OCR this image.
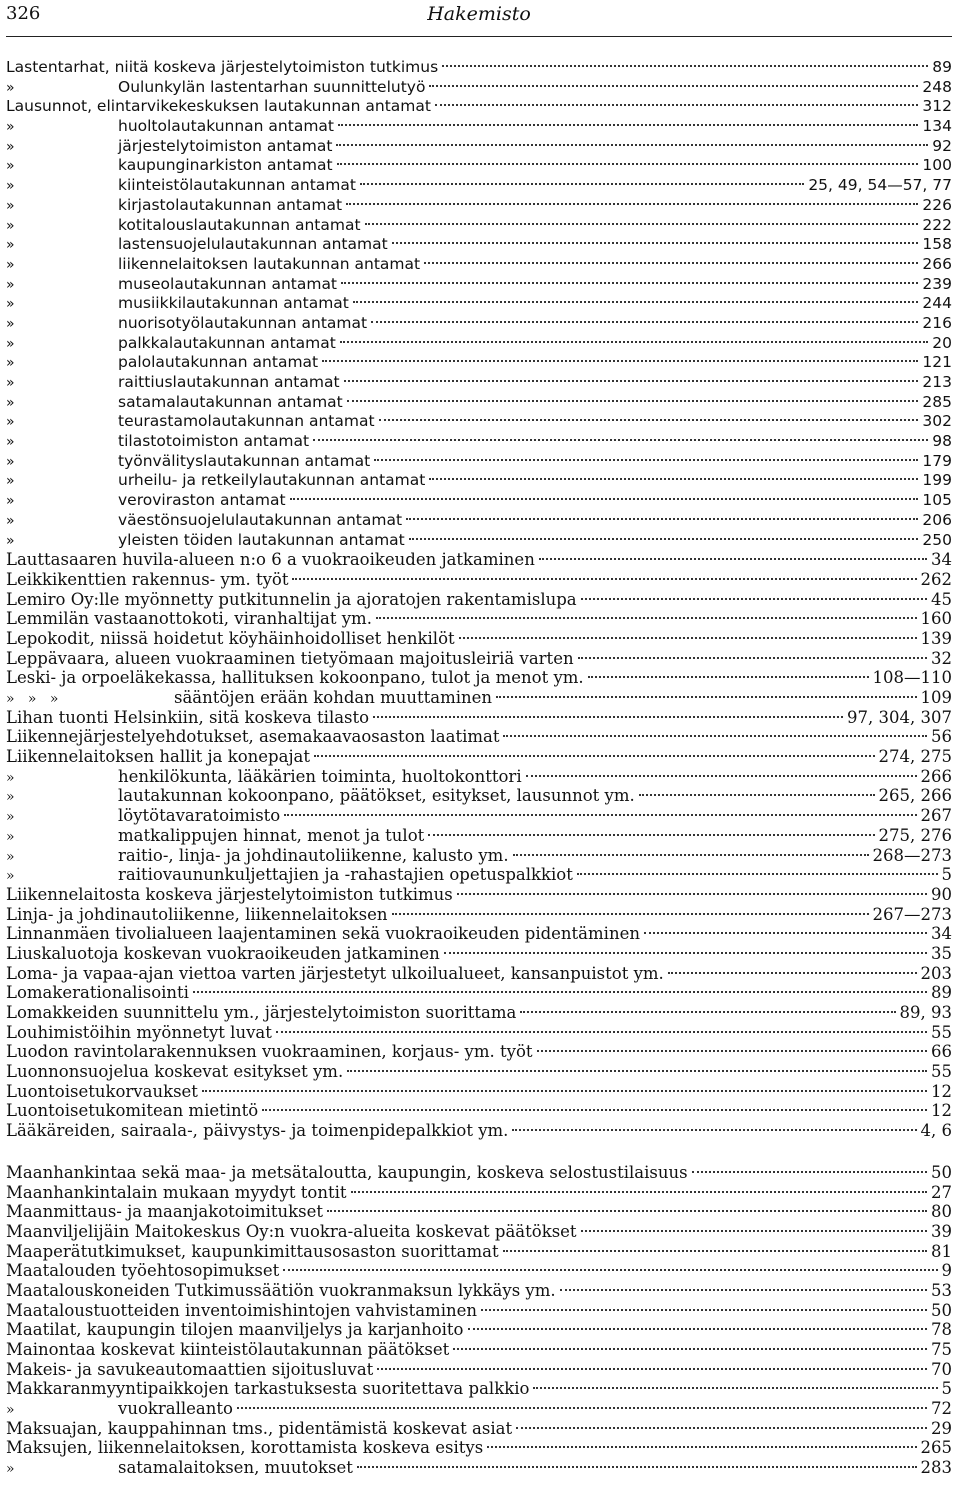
326	Hakemisto
Lastentarhat, niitä koskeva järjestelytoimiston tutkimus	89
»	Oulunkylän lastentarhan suunnittelutyö	248
Lausunnot, elintarvikekeskuksen lautakunnan antamat	312
»	huoltolautakunnan antamat	134
»	järjestelytoimiston antamat	92
»	kaupunginarkiston antamat	100
»	kiinteistölautakunnan antamat	25, 49, 54—57, 77
»	kirjastolautakunnan antamat	226
»	kotitalouslautakunnan antamat	222
»	lastensuojelulautakunnan antamat	158
»	liikennelaitoksen lautakunnan antamat	266
»	museolautakunnan antamat	239
»	musiikkilautakunnan antamat	244
»	nuorisotyölautakunnan antamat	216
»	palkkalautakunnan antamat	20
»	palolautakunnan antamat	121
»	raittiuslautakunnan antamat	213
»	satamalautakunnan antamat	285
»	teurastamolautakunnan antamat	302
»	tilastotoimiston antamat	98
»	työnvälityslautakunnan antamat	179
»	urheilu- ja retkeilylautakunnan antamat	199
»	veroviraston antamat	105
»	väestönsuojelulautakunnan antamat	206
»	yleisten töiden lautakunnan antamat	250
Lauttasaaren huvila-alueen n:o 6 a vuokraoikeuden jatkaminen	34
Leikkikenttien rakennus- ym. työt	262
Lemiro Oy:lle myönnetty putkitunnelin ja ajoratojen rakentamislupa	45
Lemmilän vastaanottokoti, viranhaltijat ym.	160
Lepokodit, niissä hoidetut köyhäinhoidolliset henkilöt	139
Leppävaara, alueen vuokraaminen tietyömaan majoitusleiriä varten	32
Leski- ja orpoeläkekassa, hallituksen kokoonpano, tulot ja menot ym.	108—110
»   »   »	sääntöjen erään kohdan muuttaminen	109
Lihan tuonti Helsinkiin, sitä koskeva tilasto	97, 304, 307
Liikennejärjestelyehdotukset, asemakaavaosaston laatimat	56
Liikennelaitoksen hallit ja konepajat	274, 275
»	henkilökunta, lääkärien toiminta, huoltokonttori	266
»	lautakunnan kokoonpano, päätökset, esitykset, lausunnot ym.	265, 266
»	löytötavaratoimisto	267
»	matkalippujen hinnat, menot ja tulot	275, 276
»	raitio-, linja- ja johdinautoliikenne, kalusto ym.	268—273
»	raitiovaununkuljettajien ja -rahastajien opetuspalkkiot	5
Liikennelaitosta koskeva järjestelytoimiston tutkimus	90
Linja- ja johdinautoliikenne, liikennelaitoksen	267—273
Linnanmäen tivolialueen laajentaminen sekä vuokraoikeuden pidentäminen	34
Liuskaluotoja koskevan vuokraoikeuden jatkaminen	35
Loma- ja vapaa-ajan viettoa varten järjestetyt ulkoilualueet, kansanpuistot ym.	203
Lomakerationalisointi	89
Lomakkeiden suunnittelu ym., järjestelytoimiston suorittama	89, 93
Louhimistöihin myönnetyt luvat	55
Luodon ravintolarakennuksen vuokraaminen, korjaus- ym. työt	66
Luonnonsuojelua koskevat esitykset ym.	55
Luontoisetukorvaukset	12
Luontoisetukomitean mietintö	12
Lääkäreiden, sairaala-, päivystys- ja toimenpidepalkkiot ym.	4, 6
Maanhankintaa sekä maa- ja metsätaloutta, kaupungin, koskeva selostustilaisuus	50
Maanhankintalain mukaan myydyt tontit	27
Maanmittaus- ja maanjakotoimitukset	80
Maanviljelijäin Maitokeskus Oy:n vuokra-alueita koskevat päätökset	39
Maaperätutkimukset, kaupunkimittausosaston suorittamat	81
Maatalouden työehtosopimukset	9
Maatalouskoneiden Tutkimussäätiön vuokranmaksun lykkäys ym.	53
Maataloustuotteiden inventoimishintojen vahvistaminen	50
Maatilat, kaupungin tilojen maanviljelys ja karjanhoito	78
Mainontaa koskevat kiinteistölautakunnan päätökset	75
Makeis- ja savukeautomaattien sijoitusluvat	70
Makkaranmyyntipaikkojen tarkastuksesta suoritettava palkkio	5
»	vuokralleanto	72
Maksuajan, kauppahinnan tms., pidentämistä koskevat asiat	29
Maksujen, liikennelaitoksen, korottamista koskeva esitys	265
»	satamalaitoksen, muutokset	283
